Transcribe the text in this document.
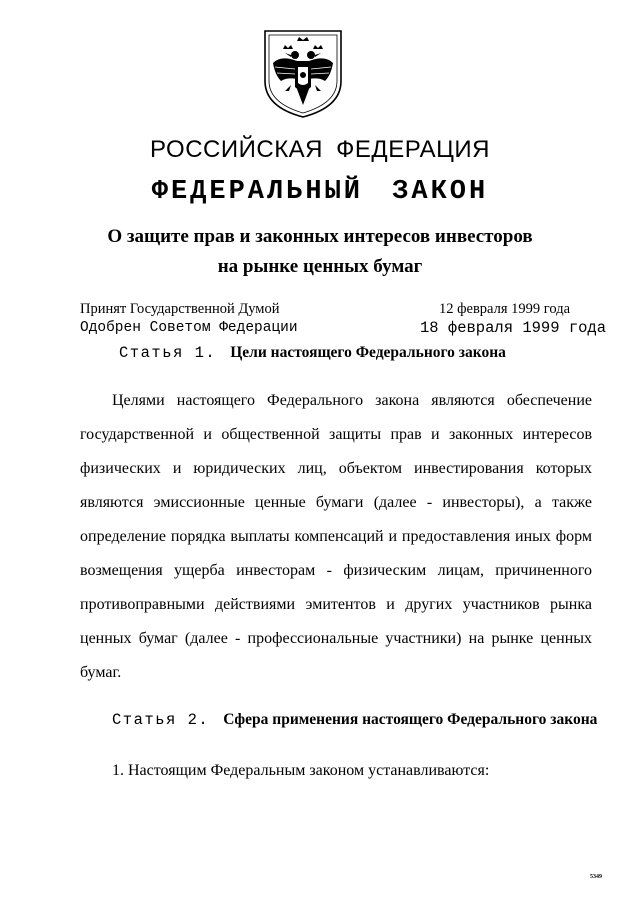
РОССИЙСКАЯ ФЕДЕРАЦИЯ
ФЕДЕРАЛЬНЫЙ ЗАКОН
О защите прав и законных интересов инвесторов
на рынке ценных бумаг
Принят Государственной Думой	12 февраля 1999 года
Одобрен Советом Федерации	18 февраля 1999 года
Статья 1. Цели настоящего Федерального закона

Целями настоящего Федерального закона являются обеспечение государственной и общественной защиты прав и законных интересов физических и юридических лиц, объектом инвестирования которых являются эмиссионные ценные бумаги (далее - инвесторы), а также определение порядка выплаты компенсаций и предоставления иных форм возмещения ущерба инвесторам - физическим лицам, причиненного противоправными действиями эмитентов и других участников рынка ценных бумаг (далее - профессиональные участники) на рынке ценных бумаг.

Статья 2. Сфера применения настоящего Федерального закона
1. Настоящим Федеральным законом устанавливаются:
5349
